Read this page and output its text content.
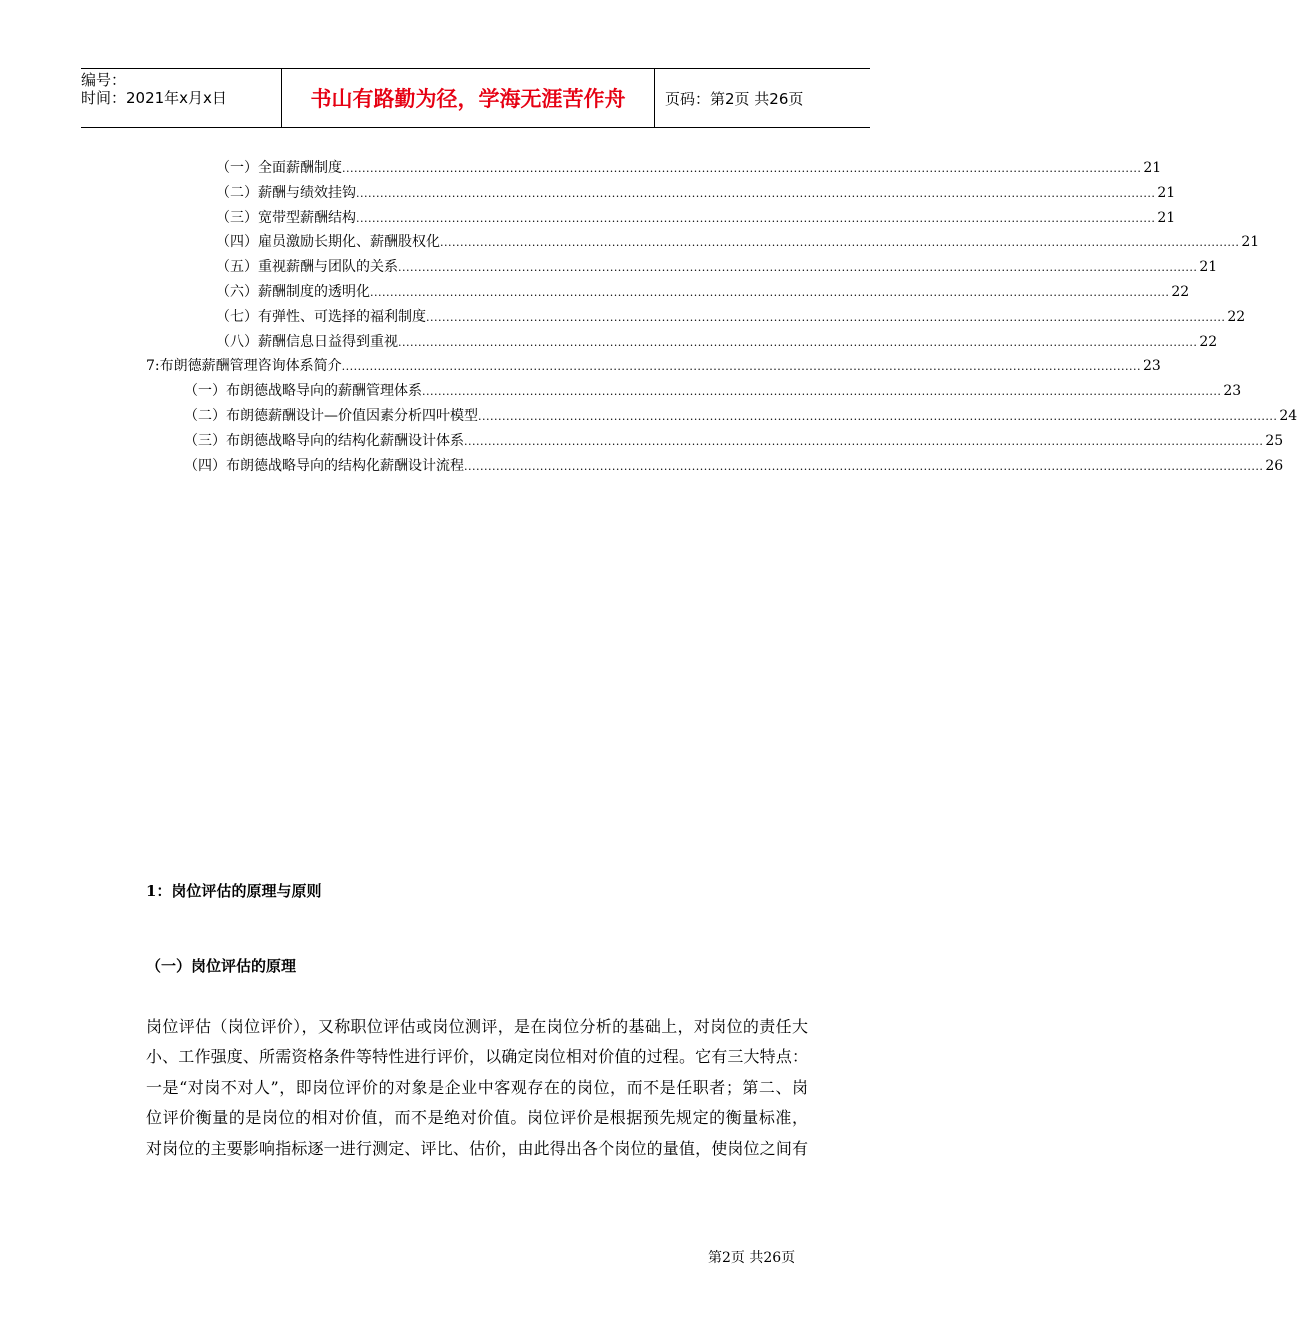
编号：
时间：2021年x月x日	书山有路勤为径，学海无涯苦作舟	页码：第2页 共26页
（一）全面薪酬制度 ........................................................................................................................................................................................................ 21
（二）薪酬与绩效挂钩 ........................................................................................................................................................................................................ 21
（三）宽带型薪酬结构 ........................................................................................................................................................................................................ 21
（四）雇员激励长期化、薪酬股权化 ........................................................................................................................................................................................................ 21
（五）重视薪酬与团队的关系 ........................................................................................................................................................................................................ 21
（六）薪酬制度的透明化 ........................................................................................................................................................................................................ 22
（七）有弹性、可选择的福利制度 ........................................................................................................................................................................................................ 22
（八）薪酬信息日益得到重视 ........................................................................................................................................................................................................ 22
7:布朗德薪酬管理咨询体系简介 ........................................................................................................................................................................................................ 23
（一）布朗德战略导向的薪酬管理体系 ........................................................................................................................................................................................................ 23
（二）布朗德薪酬设计—价值因素分析四叶模型 ........................................................................................................................................................................................................ 24
（三）布朗德战略导向的结构化薪酬设计体系 ........................................................................................................................................................................................................ 25
（四）布朗德战略导向的结构化薪酬设计流程 ........................................................................................................................................................................................................ 26
1：岗位评估的原理与原则
（一）岗位评估的原理
岗位评估（岗位评价），又称职位评估或岗位测评，是在岗位分析的基础上，对岗位的责任大
小、工作强度、所需资格条件等特性进行评价，以确定岗位相对价值的过程。它有三大特点：
一是“对岗不对人”，即岗位评价的对象是企业中客观存在的岗位，而不是任职者；第二、岗
位评价衡量的是岗位的相对价值，而不是绝对价值。岗位评价是根据预先规定的衡量标准，
对岗位的主要影响指标逐一进行测定、评比、估价，由此得出各个岗位的量值，使岗位之间有
第2页 共26页
